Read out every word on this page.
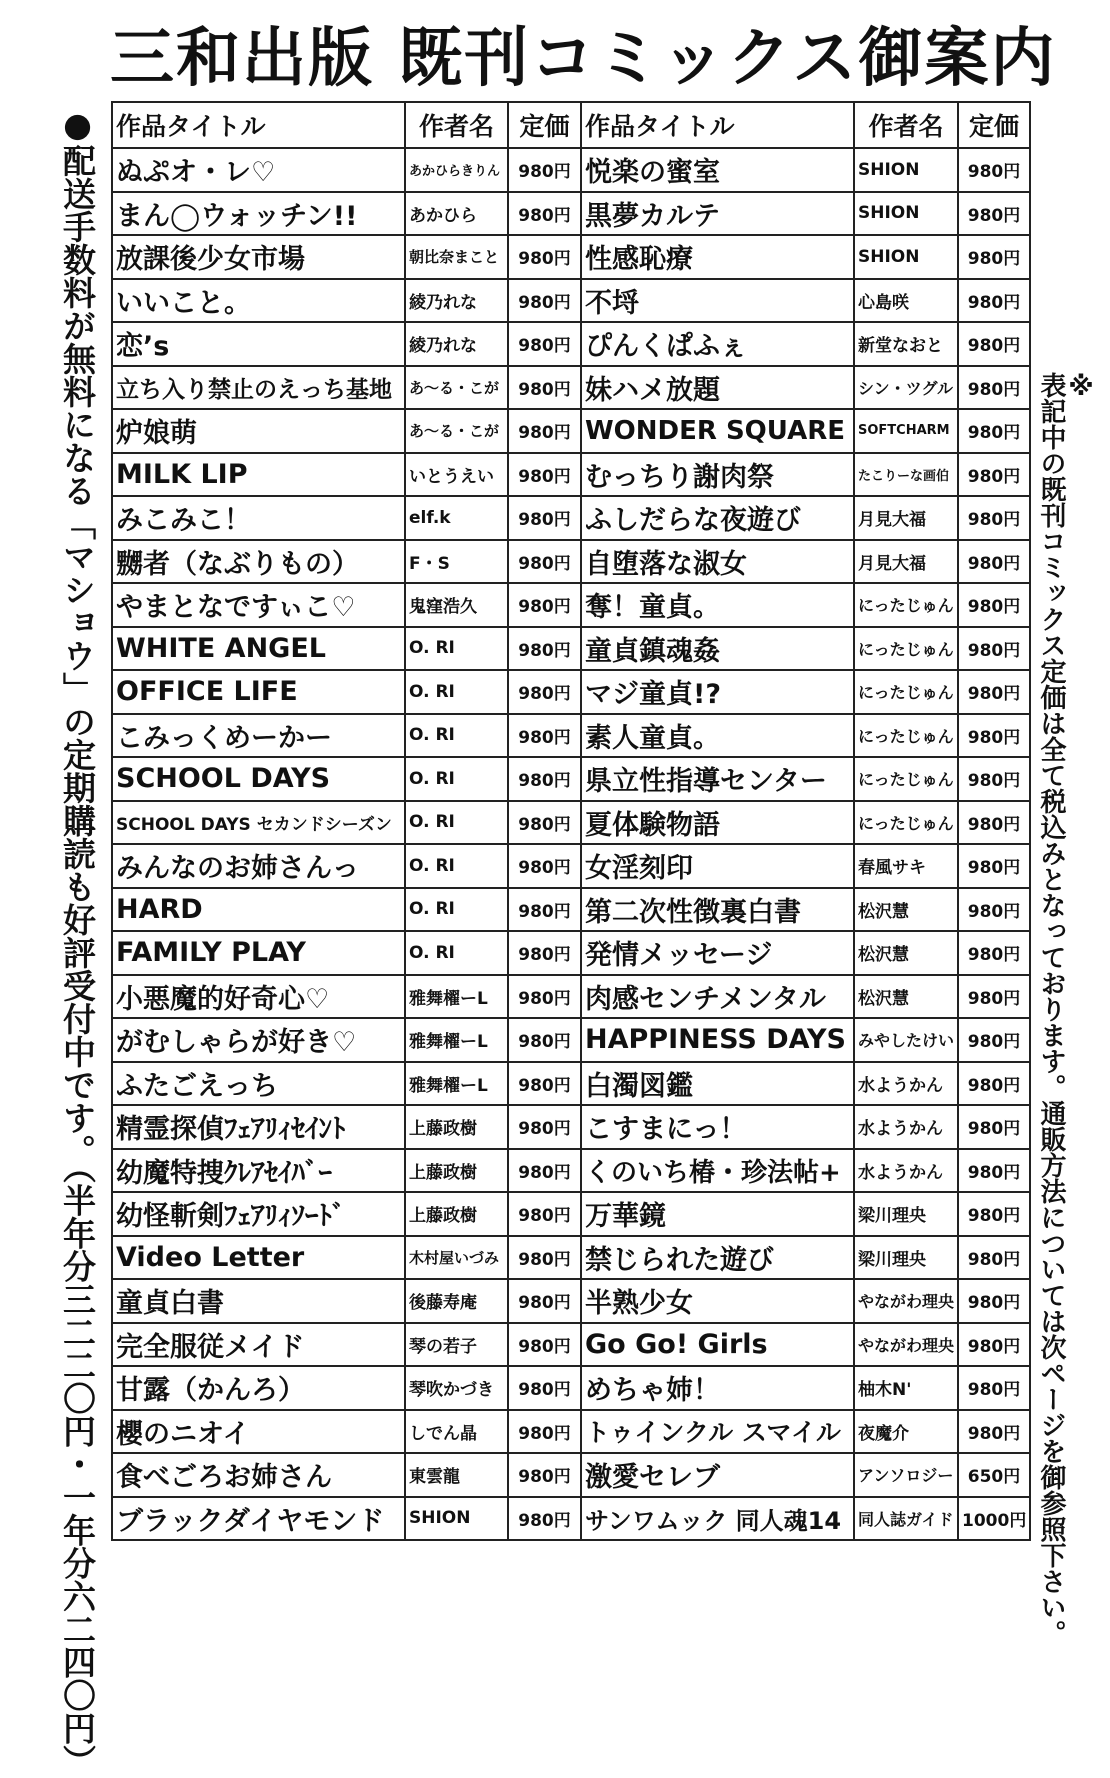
三和出版 既刊コミックス御案内
●配送手数料が無料になる「マショウ」の定期購読も好評受付中です。（半年分三二二〇円・一年分六二四〇円）	※
表記中の既刊コミックス定価は全て税込みとなっております。通販方法については次ページを御参照下さい。
作品タイトル	作者名	定価	作品タイトル	作者名	定価
ぬぷオ・レ♡	あかひらきりん	980円	悦楽の蜜室	SHION	980円
まん◯ウォッチン!!	あかひら	980円	黒夢カルテ	SHION	980円
放課後少女市場	朝比奈まこと	980円	性感恥療	SHION	980円
いいこと。	綾乃れな	980円	不埒	心島咲	980円
恋’s	綾乃れな	980円	ぴんくぱふぇ	新堂なおと	980円
立ち入り禁止のえっち基地	あ〜る・こが	980円	妹ハメ放題	シン・ツグル	980円
炉娘萌	あ〜る・こが	980円	WONDER SQUARE	SOFTCHARM	980円
MILK LIP	いとうえい	980円	むっちり謝肉祭	たこりーな画伯	980円
みこみこ！	elf.k	980円	ふしだらな夜遊び	月見大福	980円
嬲者（なぶりもの）	F・S	980円	自堕落な淑女	月見大福	980円
やまとなですぃこ♡	鬼窪浩久	980円	奪！童貞。	にったじゅん	980円
WHITE ANGEL	O. RI	980円	童貞鎮魂姦	にったじゅん	980円
OFFICE LIFE	O. RI	980円	マジ童貞!?	にったじゅん	980円
こみっくめーかー	O. RI	980円	素人童貞。	にったじゅん	980円
SCHOOL DAYS	O. RI	980円	県立性指導センター	にったじゅん	980円
SCHOOL DAYS セカンドシーズン	O. RI	980円	夏体験物語	にったじゅん	980円
みんなのお姉さんっ	O. RI	980円	女淫刻印	春風サキ	980円
HARD	O. RI	980円	第二次性徴裏白書	松沢慧	980円
FAMILY PLAY	O. RI	980円	発情メッセージ	松沢慧	980円
小悪魔的好奇心♡	雅舞櫂ーL	980円	肉感センチメンタル	松沢慧	980円
がむしゃらが好き♡	雅舞櫂ーL	980円	HAPPINESS DAYS	みやしたけい	980円
ふたごえっち	雅舞櫂ーL	980円	白濁図鑑	水ようかん	980円
精霊探偵ﾌｪｱﾘｨｾｲﾝﾄ	上藤政樹	980円	こすまにっ！	水ようかん	980円
幼魔特捜ｸﾚｱｾｲﾊﾞｰ	上藤政樹	980円	くのいち椿・珍法帖+	水ようかん	980円
幼怪斬剣ﾌｪｱﾘｨｿｰﾄﾞ	上藤政樹	980円	万華鏡	梁川理央	980円
Video Letter	木村屋いづみ	980円	禁じられた遊び	梁川理央	980円
童貞白書	後藤寿庵	980円	半熟少女	やながわ理央	980円
完全服従メイド	琴の若子	980円	Go Go! Girls	やながわ理央	980円
甘露（かんろ）	琴吹かづき	980円	めちゃ姉！	柚木N'	980円
櫻のニオイ	しでん晶	980円	トゥインクル スマイル	夜魔介	980円
食べごろお姉さん	東雲龍	980円	激愛セレブ	アンソロジー	650円
ブラックダイヤモンド	SHION	980円	サンワムック 同人魂14	同人誌ガイド	1000円
